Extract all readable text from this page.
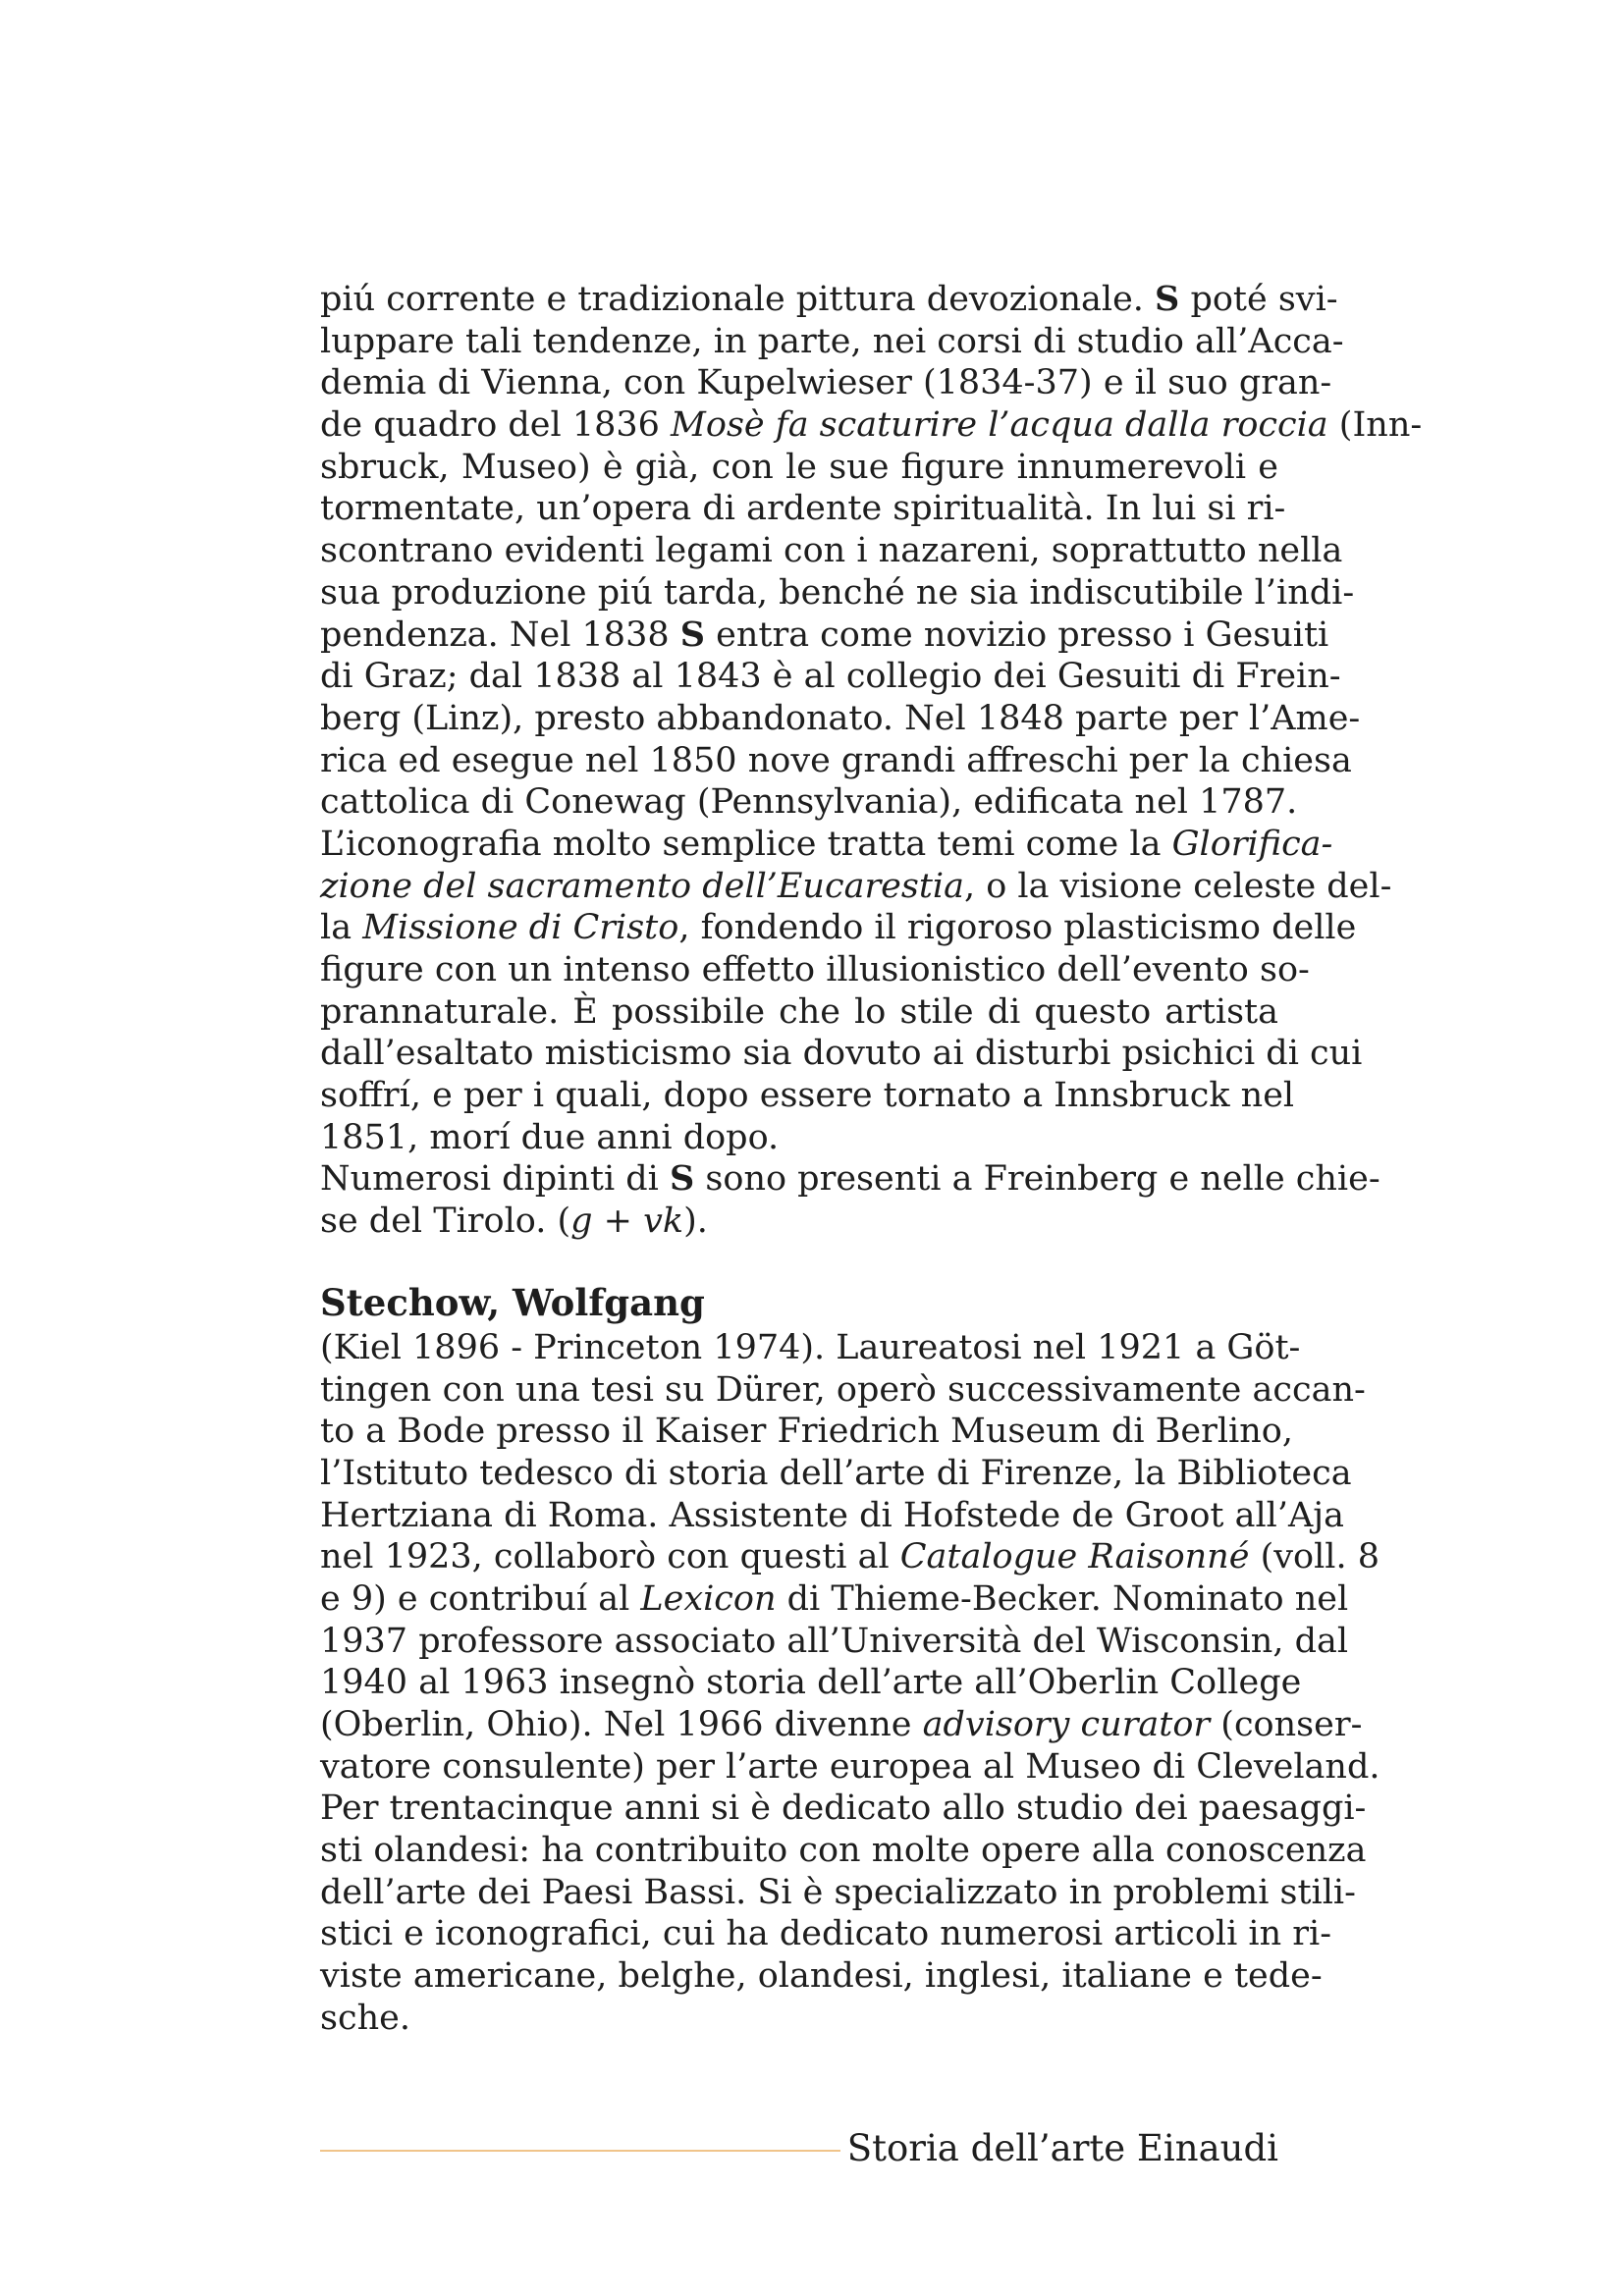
piú corrente e tradizionale pittura devozionale. S poté svi-
luppare tali tendenze, in parte, nei corsi di studio all’Acca-
demia di Vienna, con Kupelwieser (1834-37) e il suo gran-
de quadro del 1836 Mosè fa scaturire l’acqua dalla roccia (Inn-
sbruck, Museo) è già, con le sue figure innumerevoli e
tormentate, un’opera di ardente spiritualità. In lui si ri-
scontrano evidenti legami con i nazareni, soprattutto nella
sua produzione piú tarda, benché ne sia indiscutibile l’indi-
pendenza. Nel 1838 S entra come novizio presso i Gesuiti
di Graz; dal 1838 al 1843 è al collegio dei Gesuiti di Frein-
berg (Linz), presto abbandonato. Nel 1848 parte per l’Ame-
rica ed esegue nel 1850 nove grandi affreschi per la chiesa
cattolica di Conewag (Pennsylvania), edificata nel 1787.
L’iconografia molto semplice tratta temi come la Glorifica-
zione del sacramento dell’Eucarestia, o la visione celeste del-
la Missione di Cristo, fondendo il rigoroso plasticismo delle
figure con un intenso effetto illusionistico dell’evento so-
prannaturale. È possibile che lo stile di questo artista
dall’esaltato misticismo sia dovuto ai disturbi psichici di cui
soffrí, e per i quali, dopo essere tornato a Innsbruck nel
1851, morí due anni dopo.
Numerosi dipinti di S sono presenti a Freinberg e nelle chie-
se del Tirolo. (g + vk).
Stechow, Wolfgang
(Kiel 1896 - Princeton 1974). Laureatosi nel 1921 a Göt-
tingen con una tesi su Dürer, operò successivamente accan-
to a Bode presso il Kaiser Friedrich Museum di Berlino,
l’Istituto tedesco di storia dell’arte di Firenze, la Biblioteca
Hertziana di Roma. Assistente di Hofstede de Groot all’Aja
nel 1923, collaborò con questi al Catalogue Raisonné (voll. 8
e 9) e contribuí al Lexicon di Thieme-Becker. Nominato nel
1937 professore associato all’Università del Wisconsin, dal
1940 al 1963 insegnò storia dell’arte all’Oberlin College
(Oberlin, Ohio). Nel 1966 divenne advisory curator (conser-
vatore consulente) per l’arte europea al Museo di Cleveland.
Per trentacinque anni si è dedicato allo studio dei paesaggi-
sti olandesi: ha contribuito con molte opere alla conoscenza
dell’arte dei Paesi Bassi. Si è specializzato in problemi stili-
stici e iconografici, cui ha dedicato numerosi articoli in ri-
viste americane, belghe, olandesi, inglesi, italiane e tede-
sche.
Storia dell’arte Einaudi
